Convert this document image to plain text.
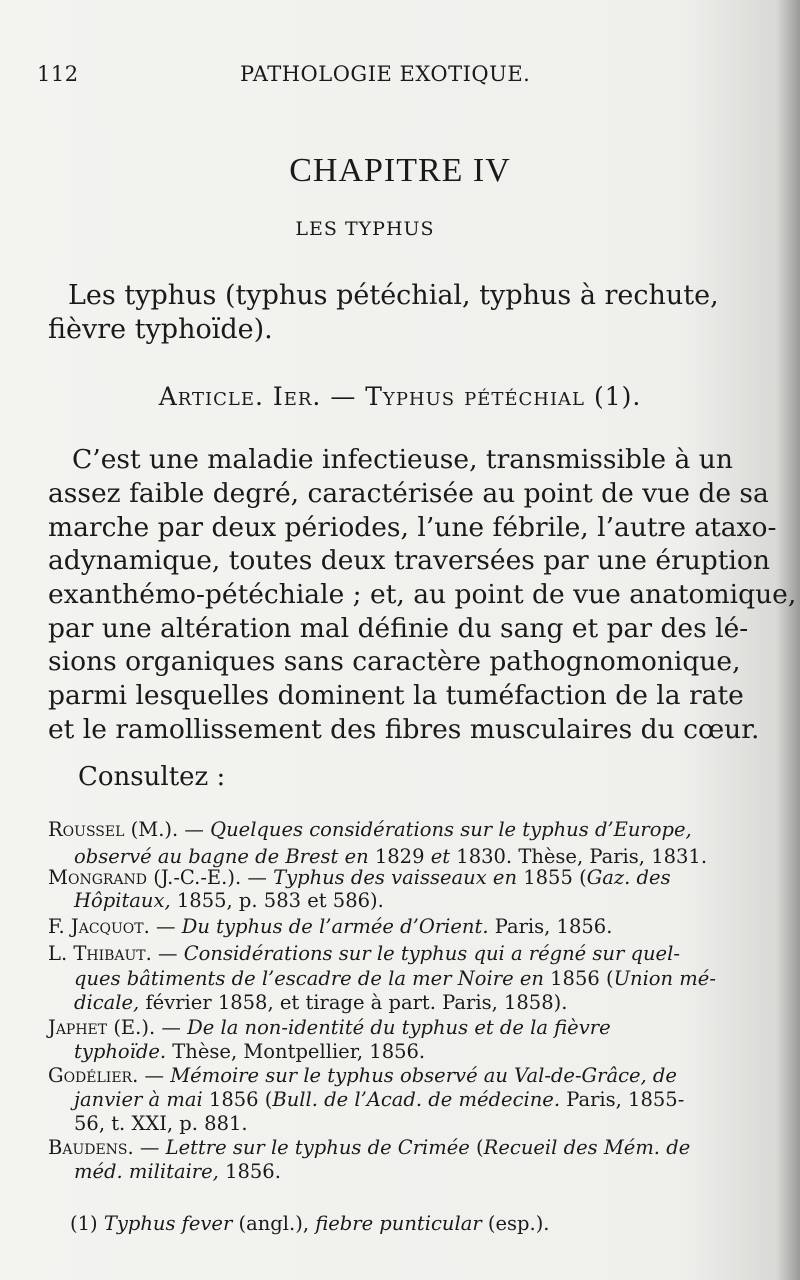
112	PATHOLOGIE EXOTIQUE.
CHAPITRE IV
LES TYPHUS
Les typhus (typhus pétéchial, typhus à rechute,
fièvre typhoïde).
Article. Ier. — Typhus pétéchial (1).
C’est une maladie infectieuse, transmissible à un
assez faible degré, caractérisée au point de vue de sa
marche par deux périodes, l’une fébrile, l’autre ataxo-
adynamique, toutes deux traversées par une éruption
exanthémo-pétéchiale ; et, au point de vue anatomique,
par une altération mal définie du sang et par des lé-
sions organiques sans caractère pathognomonique,
parmi lesquelles dominent la tuméfaction de la rate
et le ramollissement des fibres musculaires du cœur.
Consultez :
Roussel (M.). — Quelques considérations sur le typhus d’Europe,
observé au bagne de Brest en 1829 et 1830. Thèse, Paris, 1831.
Mongrand (J.-C.-E.). — Typhus des vaisseaux en 1855 (Gaz. des
Hôpitaux, 1855, p. 583 et 586).
F. Jacquot. — Du typhus de l’armée d’Orient. Paris, 1856.
L. Thibaut. — Considérations sur le typhus qui a régné sur quel-
ques bâtiments de l’escadre de la mer Noire en 1856 (Union mé-
dicale, février 1858, et tirage à part. Paris, 1858).
Japhet (E.). — De la non-identité du typhus et de la fièvre
typhoïde. Thèse, Montpellier, 1856.
Godélier. — Mémoire sur le typhus observé au Val-de-Grâce, de
janvier à mai 1856 (Bull. de l’Acad. de médecine. Paris, 1855-
56, t. XXI, p. 881.
Baudens. — Lettre sur le typhus de Crimée (Recueil des Mém. de
méd. militaire, 1856.
(1) Typhus fever (angl.), fiebre punticular (esp.).
